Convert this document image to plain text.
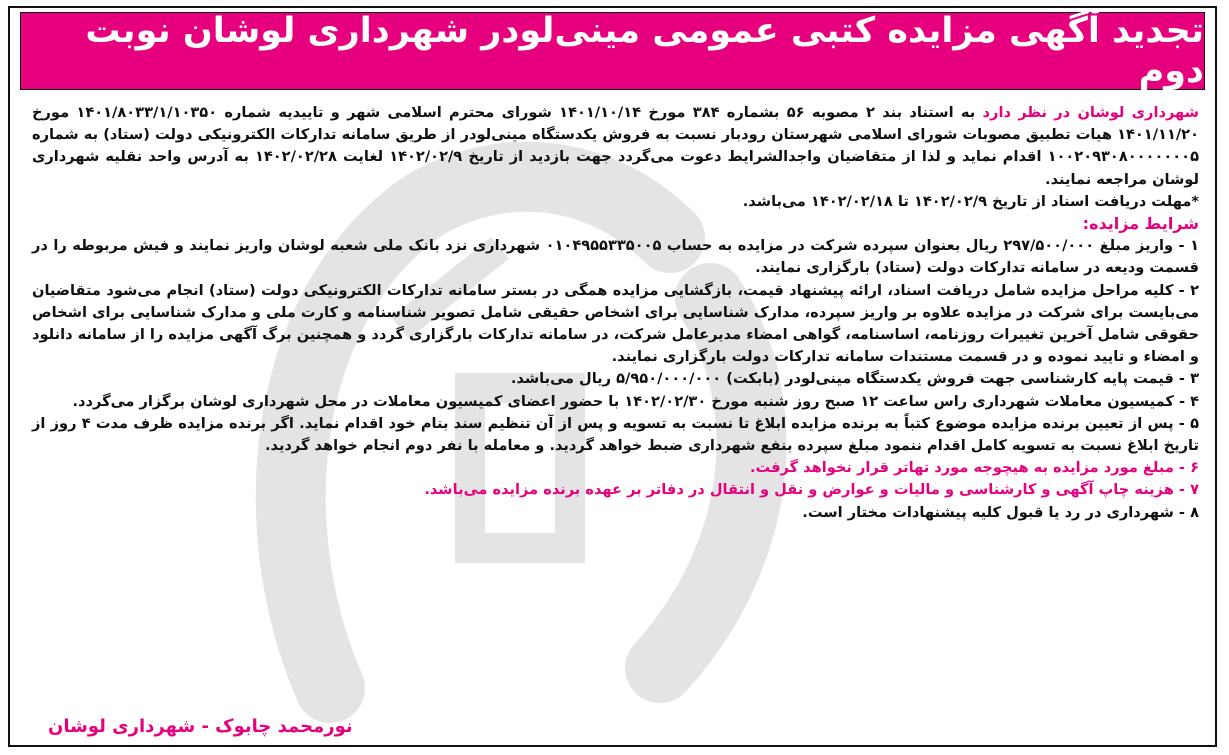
تجدید آگهی مزایده کتبی عمومی مینی‌لودر شهرداری لوشان نوبت دوم

شهرداری لوشان در نظر دارد به استناد بند ۲ مصوبه ۵۶ بشماره ۳۸۴ مورخ ۱۴۰۱/۱۰/۱۴ شورای محترم اسلامی شهر و تاییدیه شماره ۱۴۰۱/۸۰۳۳/۱/۱۰۳۵۰ مورخ ۱۴۰۱/۱۱/۲۰ هیات تطبیق مصوبات شورای اسلامی شهرستان رودبار نسبت به فروش یکدستگاه مینی‌لودر از طریق سامانه تدارکات الکترونیکی دولت (ستاد) به شماره ۱۰۰۲۰۹۳۰۸۰۰۰۰۰۰۰۵ اقدام نماید و لذا از متقاضیان واجدالشرایط دعوت می‌گردد جهت بازدید از تاریخ ۱۴۰۲/۰۲/۹ لغایت ۱۴۰۲/۰۲/۲۸ به آدرس واحد نقلیه شهرداری لوشان مراجعه نمایند.

*مهلت دریافت اسناد از تاریخ ۱۴۰۲/۰۲/۹ تا ۱۴۰۲/۰۲/۱۸ می‌باشد.

شرایط مزایده:

۱ - واریز مبلغ ۲۹۷/۵۰۰/۰۰۰ ریال بعنوان سپرده شرکت در مزایده به حساب ۰۱۰۴۹۵۵۳۳۵۰۰۵ شهرداری نزد بانک ملی شعبه لوشان واریز نمایند و فیش مربوطه را در قسمت ودیعه در سامانه تدارکات دولت (ستاد) بارگزاری نمایند.

۲ - کلیه مراحل مزایده شامل دریافت اسناد، ارائه پیشنهاد قیمت، بازگشایی مزایده همگی در بستر سامانه تدارکات الکترونیکی دولت (ستاد) انجام می‌شود متقاضیان می‌بایست برای شرکت در مزایده علاوه بر واریز سپرده، مدارک شناسایی برای اشخاص حقیقی شامل تصویر شناسنامه و کارت ملی و مدارک شناسایی برای اشخاص حقوقی شامل آخرین تغییرات روزنامه، اساسنامه، گواهی امضاء مدیرعامل شرکت، در سامانه تدارکات بارگزاری گردد و همچنین برگ آگهی مزایده را از سامانه دانلود و امضاء و تایید نموده و در قسمت مستندات سامانه تدارکات دولت بارگزاری نمایند.

۳ - قیمت پایه کارشناسی جهت فروش یکدستگاه مینی‌لودر (بابکت) ۵/۹۵۰/۰۰۰/۰۰۰ ریال می‌باشد.

۴ - کمیسیون معاملات شهرداری راس ساعت ۱۲ صبح روز شنبه مورخ ۱۴۰۲/۰۲/۳۰ با حضور اعضای کمیسیون معاملات در محل شهرداری لوشان برگزار می‌گردد.

۵ - پس از تعیین برنده مزایده موضوع کتباً به برنده مزایده ابلاغ تا نسبت به تسویه و پس از آن تنظیم سند بنام خود اقدام نماید. اگر برنده مزایده ظرف مدت ۴ روز از تاریخ ابلاغ نسبت به تسویه کامل اقدام ننمود مبلغ سپرده بنفع شهرداری ضبط خواهد گردید. و معامله با نفر دوم انجام خواهد گردید.

۶ - مبلغ مورد مزایده به هیچوجه مورد تهاتر قرار نخواهد گرفت.

۷ - هزینه چاپ آگهی و کارشناسی و مالیات و عوارض و نقل و انتقال در دفاتر بر عهده برنده مزایده می‌باشد.

۸ - شهرداری در رد یا قبول کلیه پیشنهادات مختار است.

نورمحمد چابوک - شهرداری لوشان
